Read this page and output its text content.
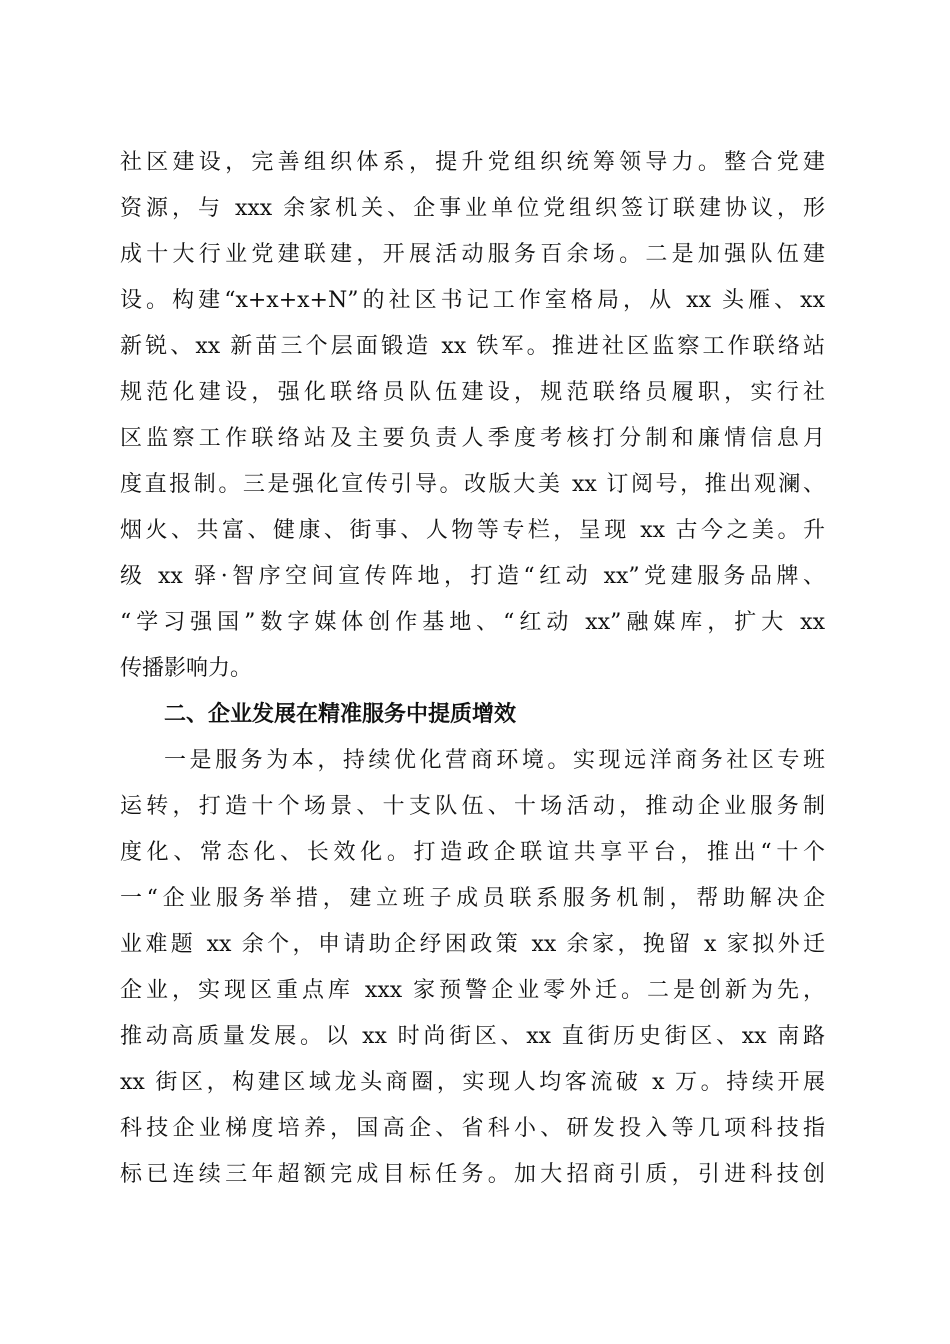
社区建设，完善组织体系，提升党组织统筹领导力。整合党建
资源，与 xxx 余家机关、企事业单位党组织签订联建协议，形
成十大行业党建联建，开展活动服务百余场。二是加强队伍建
设。构建“x+x+x+N”的社区书记工作室格局，从 xx 头雁、xx
新锐、xx 新苗三个层面锻造 xx 铁军。推进社区监察工作联络站
规范化建设，强化联络员队伍建设，规范联络员履职，实行社
区监察工作联络站及主要负责人季度考核打分制和廉情信息月
度直报制。三是强化宣传引导。改版大美 xx 订阅号，推出观澜、
烟火、共富、健康、街事、人物等专栏，呈现 xx 古今之美。升
级 xx 驿·智序空间宣传阵地，打造“红动 xx”党建服务品牌、
“学习强国”数字媒体创作基地、“红动 xx”融媒库，扩大 xx
传播影响力。
二、企业发展在精准服务中提质增效
一是服务为本，持续优化营商环境。实现远洋商务社区专班
运转，打造十个场景、十支队伍、十场活动，推动企业服务制
度化、常态化、长效化。打造政企联谊共享平台，推出“十个
一“企业服务举措，建立班子成员联系服务机制，帮助解决企
业难题 xx 余个，申请助企纾困政策 xx 余家，挽留 x 家拟外迁
企业，实现区重点库 xxx 家预警企业零外迁。二是创新为先，
推动高质量发展。以 xx 时尚街区、xx 直街历史街区、xx 南路
xx 街区，构建区域龙头商圈，实现人均客流破 x 万。持续开展
科技企业梯度培养，国高企、省科小、研发投入等几项科技指
标已连续三年超额完成目标任务。加大招商引质，引进科技创
